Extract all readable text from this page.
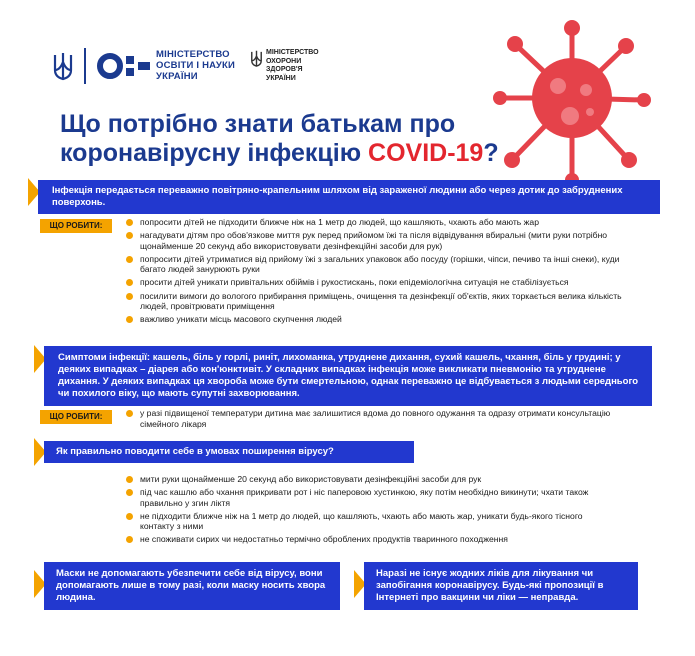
МІНІСТЕРСТВО
ОСВІТИ І НАУКИ
УКРАЇНИ
МІНІСТЕРСТВО
ОХОРОНИ
ЗДОРОВ'Я
УКРАЇНИ
Що потрібно знати батькам про
коронавірусну інфекцію COVID-19?
Інфекція передається переважно повітряно-крапельним шляхом від зараженої людини або через дотик до забруднених поверхонь.
ЩО РОБИТИ:	попросити дітей не підходити ближче ніж на 1 метр до людей, що кашляють, чхають або мають жар
нагадувати дітям про обов'язкове миття рук перед прийомом їжі та після відвідування вбиральні (мити руки потрібно щонайменше 20 секунд або використовувати дезінфекційні засоби для рук)
попросити дітей утриматися від прийому їжі з загальних упаковок або посуду (горішки, чіпси, печиво та інші снеки), куди багато людей занурюють руки
просити дітей уникати привітальних обіймів і рукостискань, поки епідеміологічна ситуація не стабілізується
посилити вимоги до вологого прибирання приміщень, очищення та дезінфекції об'єктів, яких торкається велика кількість людей, провітрювати приміщення
важливо уникати місць масового скупчення людей
Симптоми інфекції: кашель, біль у горлі, риніт, лихоманка, утруднене дихання, сухий кашель, чхання, біль у грудині; у деяких випадках – діарея або кон'юнктивіт. У складних випадках інфекція може викликати пневмонію та утруднене дихання. У деяких випадках ця хвороба може бути смертельною, однак переважно це відбувається з людьми середнього чи похилого віку, що мають супутні захворювання.
ЩО РОБИТИ:	у разі підвищеної температури дитина має залишитися вдома до повного одужання та одразу отримати консультацію сімейного лікаря
Як правильно поводити себе в умовах поширення вірусу?
мити руки щонайменше 20 секунд або використовувати дезінфекційні засоби для рук
під час кашлю або чхання прикривати рот і ніс паперовою хустинкою, яку потім необхідно викинути; чхати також правильно у згин ліктя
не підходити ближче ніж на 1 метр до людей, що кашляють, чхають або мають жар, уникати будь-якого тісного контакту з ними
не споживати сирих чи недостатньо термічно оброблених продуктів тваринного походження
Маски не допомагають убезпечити себе від вірусу, вони допомагають лише в тому разі, коли маску носить хвора людина.
Наразі не існує жодних ліків для лікування чи запобігання коронавірусу. Будь-які пропозиції в Інтернеті про вакцини чи ліки — неправда.
